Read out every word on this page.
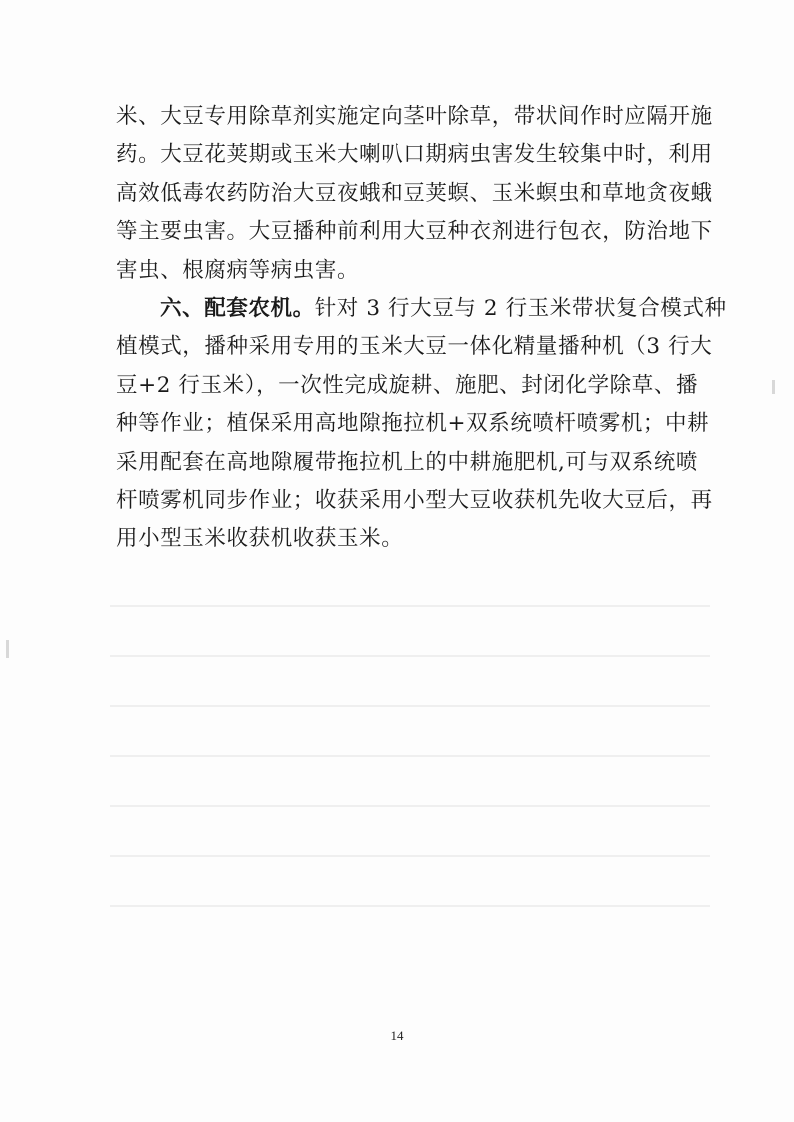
米、大豆专用除草剂实施定向茎叶除草，带状间作时应隔开施
药。大豆花荚期或玉米大喇叭口期病虫害发生较集中时，利用
高效低毒农药防治大豆夜蛾和豆荚螟、玉米螟虫和草地贪夜蛾
等主要虫害。大豆播种前利用大豆种衣剂进行包衣，防治地下
害虫、根腐病等病虫害。

六、配套农机。针对 3 行大豆与 2 行玉米带状复合模式种
植模式，播种采用专用的玉米大豆一体化精量播种机（3 行大
豆+2 行玉米），一次性完成旋耕、施肥、封闭化学除草、播
种等作业；植保采用高地隙拖拉机+双系统喷杆喷雾机；中耕
采用配套在高地隙履带拖拉机上的中耕施肥机,可与双系统喷
杆喷雾机同步作业；收获采用小型大豆收获机先收大豆后，再
用小型玉米收获机收获玉米。

14
